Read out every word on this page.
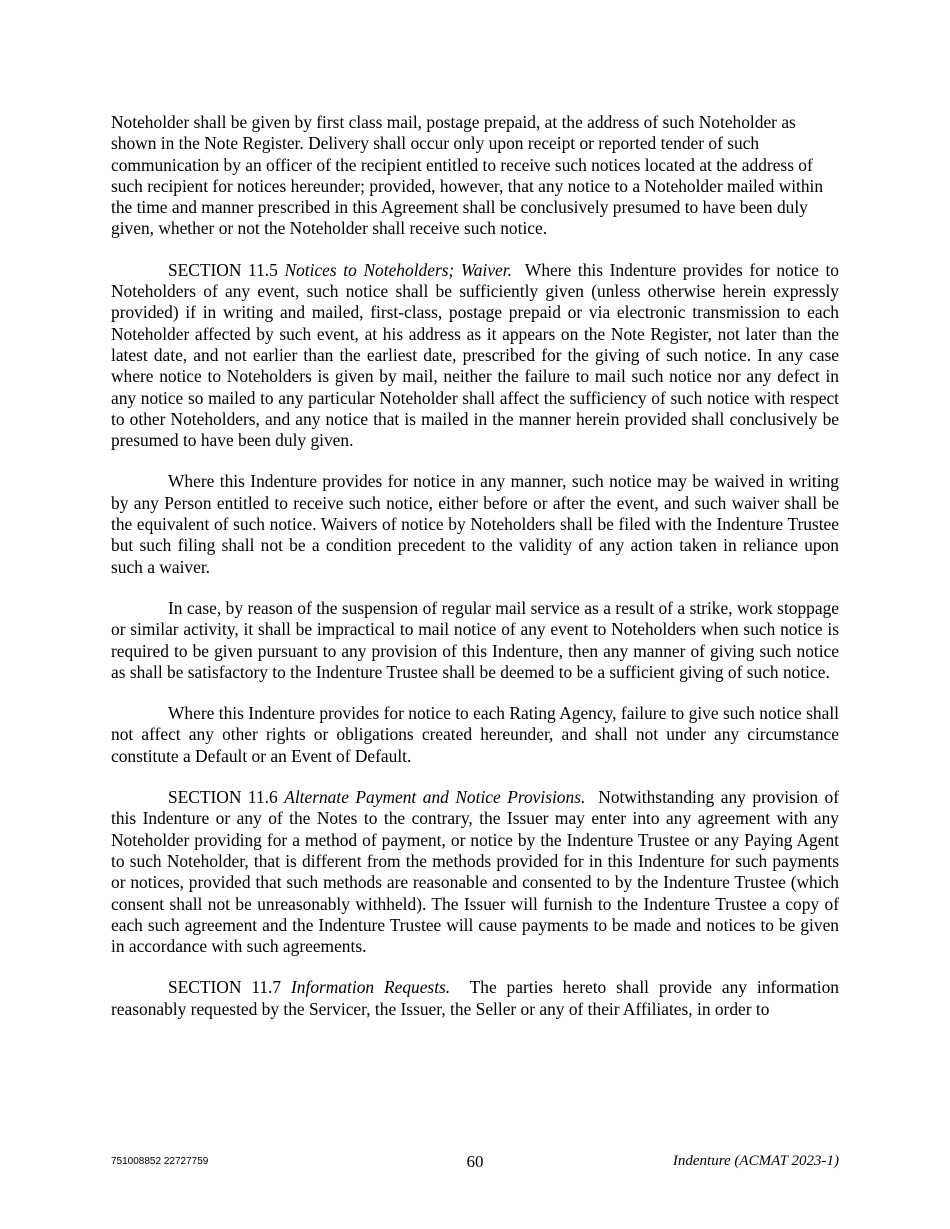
Noteholder shall be given by first class mail, postage prepaid, at the address of such Noteholder as shown in the Note Register. Delivery shall occur only upon receipt or reported tender of such communication by an officer of the recipient entitled to receive such notices located at the address of such recipient for notices hereunder; provided, however, that any notice to a Noteholder mailed within the time and manner prescribed in this Agreement shall be conclusively presumed to have been duly given, whether or not the Noteholder shall receive such notice.

SECTION 11.5 Notices to Noteholders; Waiver. Where this Indenture provides for notice to Noteholders of any event, such notice shall be sufficiently given (unless otherwise herein expressly provided) if in writing and mailed, first-class, postage prepaid or via electronic transmission to each Noteholder affected by such event, at his address as it appears on the Note Register, not later than the latest date, and not earlier than the earliest date, prescribed for the giving of such notice. In any case where notice to Noteholders is given by mail, neither the failure to mail such notice nor any defect in any notice so mailed to any particular Noteholder shall affect the sufficiency of such notice with respect to other Noteholders, and any notice that is mailed in the manner herein provided shall conclusively be presumed to have been duly given.

Where this Indenture provides for notice in any manner, such notice may be waived in writing by any Person entitled to receive such notice, either before or after the event, and such waiver shall be the equivalent of such notice. Waivers of notice by Noteholders shall be filed with the Indenture Trustee but such filing shall not be a condition precedent to the validity of any action taken in reliance upon such a waiver.

In case, by reason of the suspension of regular mail service as a result of a strike, work stoppage or similar activity, it shall be impractical to mail notice of any event to Noteholders when such notice is required to be given pursuant to any provision of this Indenture, then any manner of giving such notice as shall be satisfactory to the Indenture Trustee shall be deemed to be a sufficient giving of such notice.

Where this Indenture provides for notice to each Rating Agency, failure to give such notice shall not affect any other rights or obligations created hereunder, and shall not under any circumstance constitute a Default or an Event of Default.

SECTION 11.6 Alternate Payment and Notice Provisions. Notwithstanding any provision of this Indenture or any of the Notes to the contrary, the Issuer may enter into any agreement with any Noteholder providing for a method of payment, or notice by the Indenture Trustee or any Paying Agent to such Noteholder, that is different from the methods provided for in this Indenture for such payments or notices, provided that such methods are reasonable and consented to by the Indenture Trustee (which consent shall not be unreasonably withheld). The Issuer will furnish to the Indenture Trustee a copy of each such agreement and the Indenture Trustee will cause payments to be made and notices to be given in accordance with such agreements.

SECTION 11.7 Information Requests. The parties hereto shall provide any information reasonably requested by the Servicer, the Issuer, the Seller or any of their Affiliates, in order to

751008852 22727759	60	Indenture (ACMAT 2023-1)
